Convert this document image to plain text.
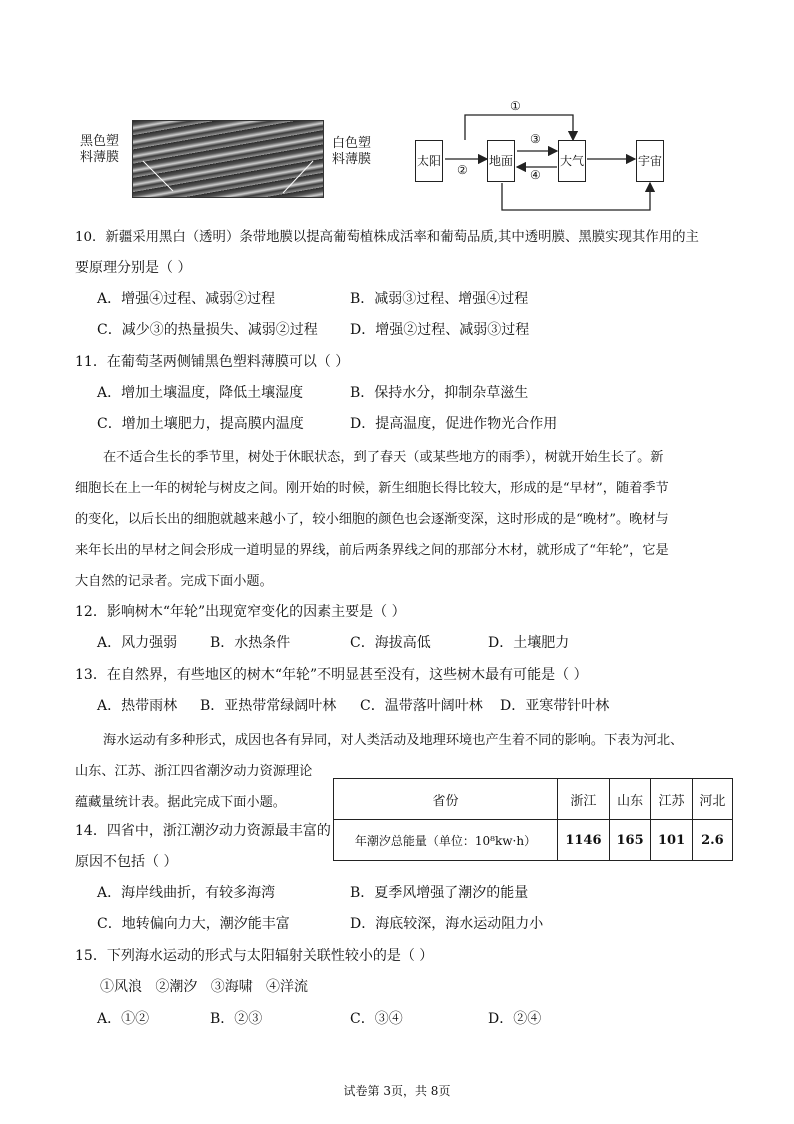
黑色塑料薄膜
白色塑料薄膜	太阳	地面	大气	宇宙
①
②
③
④
10．新疆采用黑白（透明）条带地膜以提高葡萄植株成活率和葡萄品质,其中透明膜、黑膜实现其作用的主
要原理分别是（ ）
A．增强④过程、减弱②过程	B．减弱③过程、增强④过程
C．减少③的热量损失、减弱②过程 D．增强②过程、减弱③过程
11．在葡萄茎两侧铺黑色塑料薄膜可以（ ）
A．增加土壤温度，降低土壤湿度	B．保持水分，抑制杂草滋生
C．增加土壤肥力，提高膜内温度	D．提高温度，促进作物光合作用
在不适合生长的季节里，树处于休眠状态，到了春天（或某些地方的雨季），树就开始生长了。新
细胞长在上一年的树轮与树皮之间。刚开始的时候，新生细胞长得比较大，形成的是“早材”，随着季节
的变化，以后长出的细胞就越来越小了，较小细胞的颜色也会逐渐变深，这时形成的是“晚材”。晚材与
来年长出的早材之间会形成一道明显的界线，前后两条界线之间的那部分木材，就形成了“年轮”，它是
大自然的记录者。完成下面小题。
12．影响树木“年轮”出现宽窄变化的因素主要是（ ）
A．风力强弱 B．水热条件	C．海拔高低	D．土壤肥力
13．在自然界，有些地区的树木“年轮”不明显甚至没有，这些树木最有可能是（ ）
A．热带雨林 B．亚热带常绿阔叶林 C．温带落叶阔叶林 D．亚寒带针叶林
海水运动有多种形式，成因也各有异同，对人类活动及地理环境也产生着不同的影响。下表为河北、
山东、江苏、浙江四省潮汐动力资源理论
蕴藏量统计表。据此完成下面小题。	省份	浙江	山东	江苏	河北
年潮汐总能量（单位：10⁸kw·h）	1146	165	101	2.6
14．四省中，浙江潮汐动力资源最丰富的
原因不包括（ ）
A．海岸线曲折，有较多海湾	B．夏季风增强了潮汐的能量
C．地转偏向力大，潮汐能丰富	D．海底较深，海水运动阻力小
15．下列海水运动的形式与太阳辐射关联性较小的是（ ）
①风浪   ②潮汐   ③海啸   ④洋流
A．①②	B．②③	C．③④	D．②④
试卷第 3页，共 8页
